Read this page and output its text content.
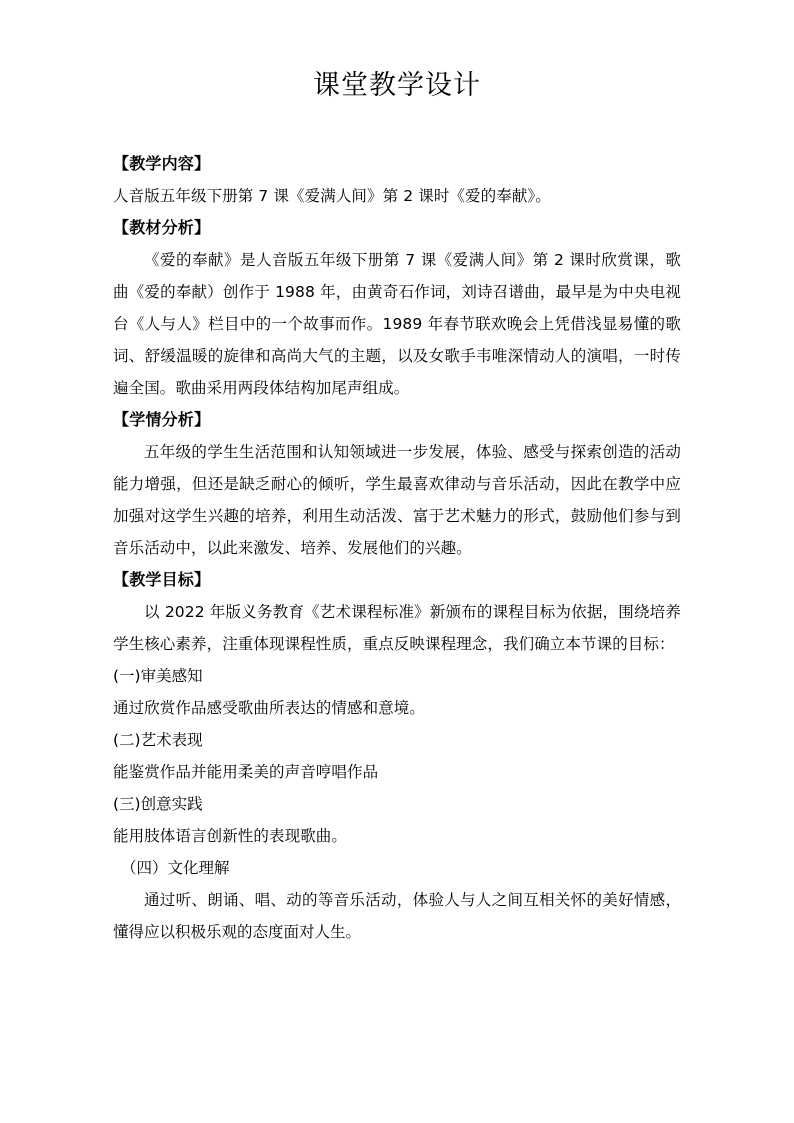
课堂教学设计

【教学内容】

人音版五年级下册第 7 课《爱满人间》第 2 课时《爱的奉献》。

【教材分析】

《爱的奉献》是人音版五年级下册第 7 课《爱满人间》第 2 课时欣赏课，歌曲《爱的奉献）创作于 1988 年，由黄奇石作词，刘诗召谱曲，最早是为中央电视台《人与人》栏目中的一个故事而作。1989 年春节联欢晚会上凭借浅显易懂的歌词、舒缓温暖的旋律和高尚大气的主题，以及女歌手韦唯深情动人的演唱，一时传遍全国。歌曲采用两段体结构加尾声组成。

【学情分析】

五年级的学生生活范围和认知领域进一步发展，体验、感受与探索创造的活动能力增强，但还是缺乏耐心的倾听，学生最喜欢律动与音乐活动，因此在教学中应加强对这学生兴趣的培养，利用生动活泼、富于艺术魅力的形式，鼓励他们参与到音乐活动中，以此来激发、培养、发展他们的兴趣。

【教学目标】

以 2022 年版义务教育《艺术课程标准》新颁布的课程目标为依据，围绕培养学生核心素养，注重体现课程性质，重点反映课程理念，我们确立本节课的目标：

(一)审美感知

通过欣赏作品感受歌曲所表达的情感和意境。

(二)艺术表现

能鉴赏作品并能用柔美的声音哼唱作品

(三)创意实践

能用肢体语言创新性的表现歌曲。

（四）文化理解

通过听、朗诵、唱、动的等音乐活动，体验人与人之间互相关怀的美好情感，懂得应以积极乐观的态度面对人生。
